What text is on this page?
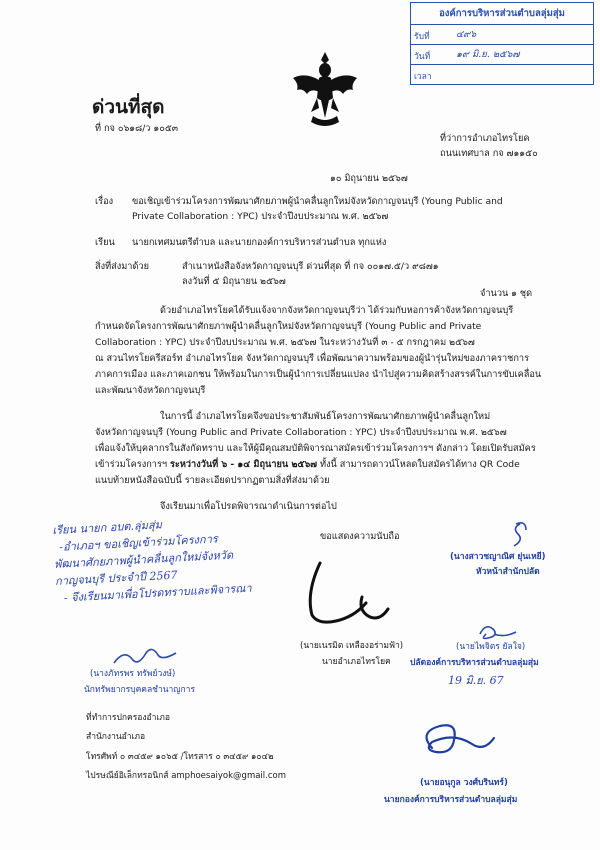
องค์การบริหารส่วนตำบลลุ่มสุ่ม
รับที่	๔๙๖
วันที่	๑๙ มิ.ย. ๒๕๖๗
เวลา
ด่วนที่สุด
ที่ กจ ๐๖๑๘/ว ๑๐๕๓
ที่ว่าการอำเภอไทรโยค
ถนนเทศบาล กจ ๗๑๑๕๐
๑๐ มิถุนายน ๒๕๖๗
เรื่อง ขอเชิญเข้าร่วมโครงการพัฒนาศักยภาพผู้นำคลื่นลูกใหม่จังหวัดกาญจนบุรี (Young Public and
Private Collaboration : YPC) ประจำปีงบประมาณ พ.ศ. ๒๕๖๗
เรียน นายกเทศมนตรีตำบล และนายกองค์การบริหารส่วนตำบล ทุกแห่ง
สิ่งที่ส่งมาด้วย	สำเนาหนังสือจังหวัดกาญจนบุรี ด่วนที่สุด ที่ กจ ๐๐๑๗.๕/ว ๙๘๗๑
ลงวันที่ ๕ มิถุนายน ๒๕๖๗
จำนวน ๑ ชุด
ด้วยอำเภอไทรโยคได้รับแจ้งจากจังหวัดกาญจนบุรีว่า ได้ร่วมกับหอการค้าจังหวัดกาญจนบุรี
กำหนดจัดโครงการพัฒนาศักยภาพผู้นำคลื่นลูกใหม่จังหวัดกาญจนบุรี (Young Public and Private
Collaboration : YPC) ประจำปีงบประมาณ พ.ศ. ๒๕๖๗ ในระหว่างวันที่ ๓ - ๕ กรกฎาคม ๒๕๖๗
ณ สวนไทรโยครีสอร์ท อำเภอไทรโยค จังหวัดกาญจนบุรี เพื่อพัฒนาความพร้อมของผู้นำรุ่นใหม่ของภาคราชการ
ภาคการเมือง และภาคเอกชน ให้พร้อมในการเป็นผู้นำการเปลี่ยนแปลง นำไปสู่ความคิดสร้างสรรค์ในการขับเคลื่อน
และพัฒนาจังหวัดกาญจนบุรี
ในการนี้ อำเภอไทรโยคจึงขอประชาสัมพันธ์โครงการพัฒนาศักยภาพผู้นำคลื่นลูกใหม่
จังหวัดกาญจนบุรี (Young Public and Private Collaboration : YPC) ประจำปีงบประมาณ พ.ศ. ๒๕๖๗
เพื่อแจ้งให้บุคลากรในสังกัดทราบ และให้ผู้มีคุณสมบัติพิจารณาสมัครเข้าร่วมโครงการฯ ดังกล่าว โดยเปิดรับสมัคร
เข้าร่วมโครงการฯ ระหว่างวันที่ ๖ - ๑๔ มิถุนายน ๒๕๖๗ ทั้งนี้ สามารถดาวน์โหลดใบสมัครได้ทาง QR Code
แนบท้ายหนังสือฉบับนี้ รายละเอียดปรากฏตามสิ่งที่ส่งมาด้วย
จึงเรียนมาเพื่อโปรดพิจารณาดำเนินการต่อไป
เรียน นายก อบต.ลุ่มสุ่ม
-อำเภอฯ ขอเชิญเข้าร่วมโครงการ
พัฒนาศักยภาพผู้นำคลื่นลูกใหม่จังหวัด
กาญจนบุรี ประจำปี 2567
- จึงเรียนมาเพื่อโปรดทราบและพิจารณา
ขอแสดงความนับถือ
(นางภัทรพร ทรัพย์วงษ์)
นักทรัพยากรบุคคลชำนาญการ
(นายเนรมิต เหลืองอร่ามฟ้า)
นายอำเภอไทรโยค
(นางสาวชญาณิศ ยุ่นเหยี)
หัวหน้าสำนักปลัด
(นายไพจิตร ยัลใจ)
ปลัดองค์การบริหารส่วนตำบลลุ่มสุ่ม
19 มิ.ย. 67
ที่ทำการปกครองอำเภอ
สำนักงานอำเภอ
โทรศัพท์ ๐ ๓๔๕๙ ๑๐๖๕ /โทรสาร ๐ ๓๔๕๙ ๑๐๔๒
ไปรษณีย์อิเล็กทรอนิกส์ amphoesaiyok@gmail.com
(นายอนุกูล วงศ์บรินทร์)
นายกองค์การบริหารส่วนตำบลลุ่มสุ่ม
